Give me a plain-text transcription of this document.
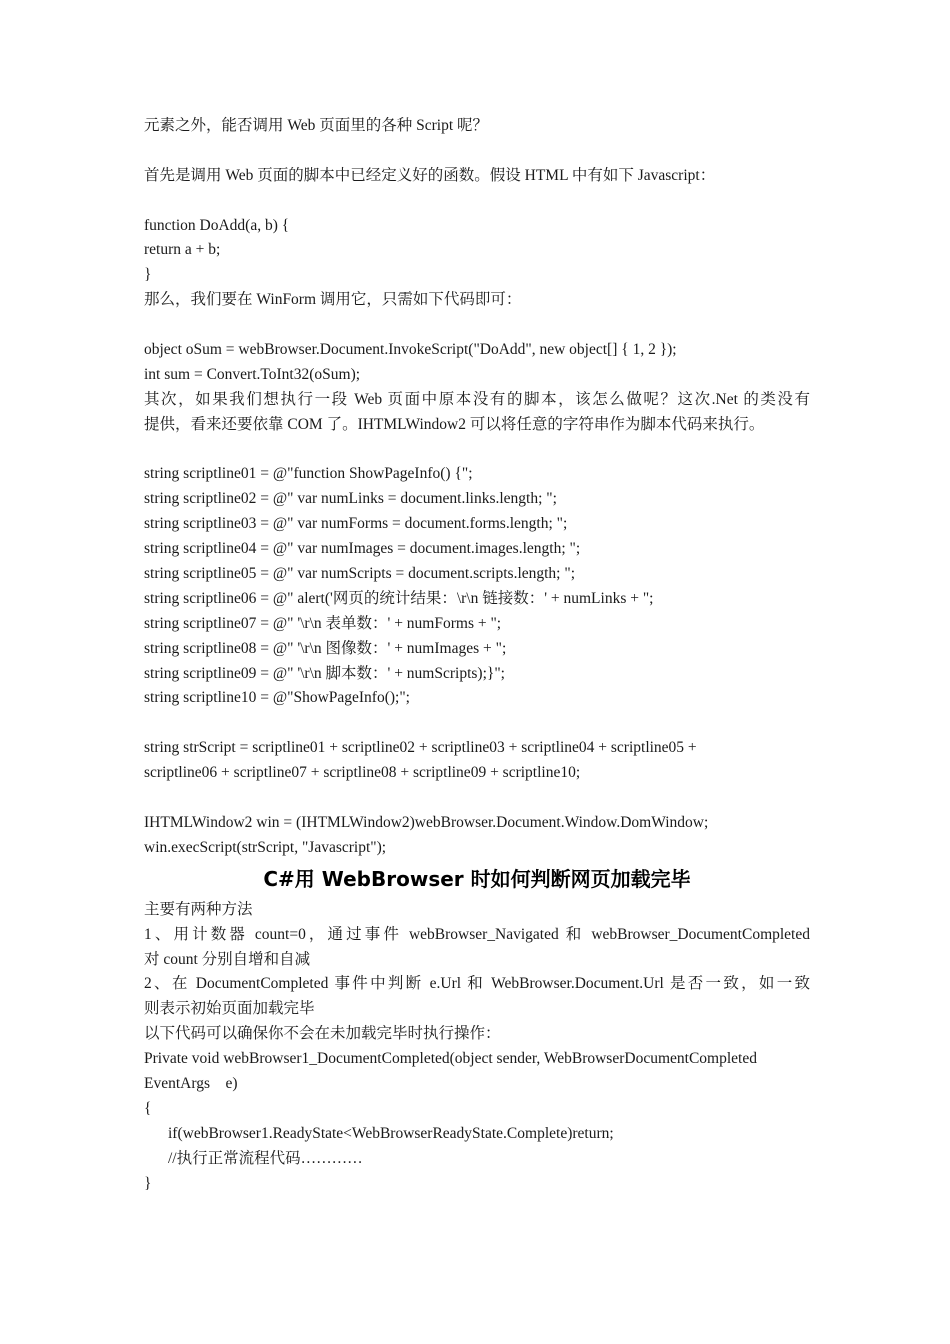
元素之外，能否调用 Web 页面里的各种 Script 呢？
首先是调用 Web 页面的脚本中已经定义好的函数。假设 HTML 中有如下 Javascript：
function DoAdd(a, b) {
return a + b;
}
那么，我们要在 WinForm 调用它，只需如下代码即可：
object oSum = webBrowser.Document.InvokeScript("DoAdd", new object[] { 1, 2 });
int sum = Convert.ToInt32(oSum);
其次，如果我们想执行一段 Web 页面中原本没有的脚本，该怎么做呢？这次.Net 的类没有
提供，看来还要依靠 COM 了。IHTMLWindow2 可以将任意的字符串作为脚本代码来执行。
string scriptline01 = @"function ShowPageInfo() {";
string scriptline02 = @" var numLinks = document.links.length; ";
string scriptline03 = @" var numForms = document.forms.length; ";
string scriptline04 = @" var numImages = document.images.length; ";
string scriptline05 = @" var numScripts = document.scripts.length; ";
string scriptline06 = @" alert('网页的统计结果：\r\n 链接数：' + numLinks + ";
string scriptline07 = @" '\r\n 表单数：' + numForms + ";
string scriptline08 = @" '\r\n 图像数：' + numImages + ";
string scriptline09 = @" '\r\n 脚本数：' + numScripts);}";
string scriptline10 = @"ShowPageInfo();";
string strScript = scriptline01 + scriptline02 + scriptline03 + scriptline04 + scriptline05 +
scriptline06 + scriptline07 + scriptline08 + scriptline09 + scriptline10;
IHTMLWindow2 win = (IHTMLWindow2)webBrowser.Document.Window.DomWindow;
win.execScript(strScript, "Javascript");
C#用 WebBrowser 时如何判断网页加载完毕
主要有两种方法
1、用计数器 count=0，通过事件 webBrowser_Navigated 和 webBrowser_DocumentCompleted
对 count 分别自增和自减
2、在 DocumentCompleted 事件中判断 e.Url 和 WebBrowser.Document.Url 是否一致，如一致
则表示初始页面加载完毕
以下代码可以确保你不会在未加载完毕时执行操作：
Private void webBrowser1_DocumentCompleted(object sender, WebBrowserDocumentCompleted
EventArgs    e)
{
if(webBrowser1.ReadyState<WebBrowserReadyState.Complete)return;
//执行正常流程代码…………
}
